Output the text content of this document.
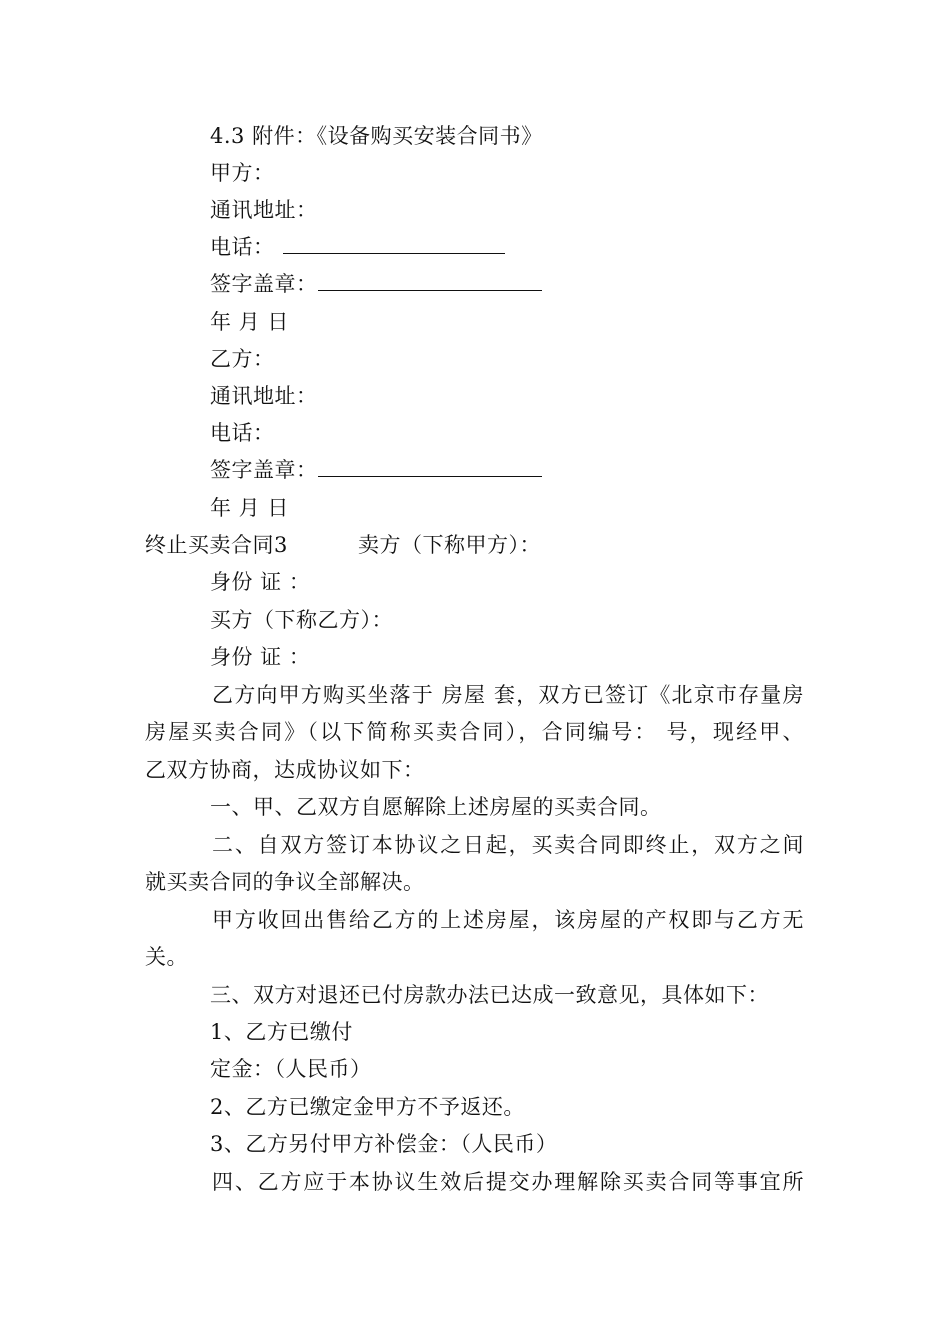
4.3 附件：《设备购买安装合同书》
甲方：
通讯地址：
电话：
签字盖章：
年 月 日
乙方：
通讯地址：
电话：
签字盖章：
年 月 日
终止买卖合同3	卖方（下称甲方）：
身份 证 ：
买方（下称乙方）：
身份 证 ：
乙方向甲方购买坐落于 房屋 套，双方已签订《北京市存量房
房屋买卖合同》（以下简称买卖合同），合同编号： 号，现经甲、
乙双方协商，达成协议如下：
一、甲、乙双方自愿解除上述房屋的买卖合同。
二、自双方签订本协议之日起，买卖合同即终止，双方之间
就买卖合同的争议全部解决。
甲方收回出售给乙方的上述房屋，该房屋的产权即与乙方无
关。
三、双方对退还已付房款办法已达成一致意见，具体如下：
1、乙方已缴付
定金：（人民币）
2、乙方已缴定金甲方不予返还。
3、乙方另付甲方补偿金：（人民币）
四、乙方应于本协议生效后提交办理解除买卖合同等事宜所
